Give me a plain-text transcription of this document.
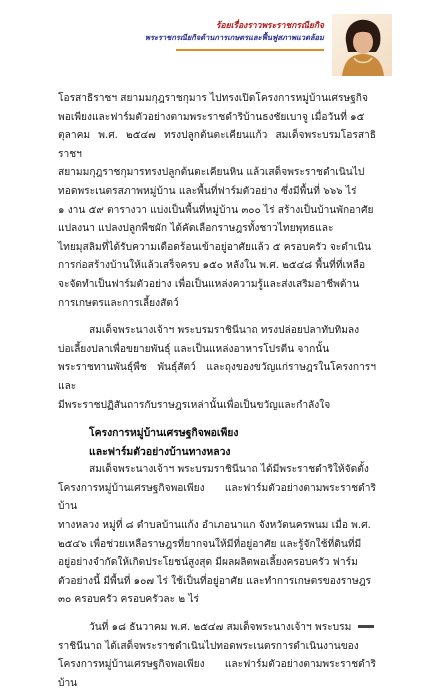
ร้อยเรื่องราวพระราชกรณียกิจ
พระราชกรณียกิจด้านการเกษตรและฟื้นฟูสภาพแวดล้อม

โอรสาธิราชฯ สยามมกุฎราชกุมาร ไปทรงเปิดโครงการหมู่บ้านเศรษฐกิจ

พอเพียงและฟาร์มตัวอย่างตามพระราชดำริบ้านธงชัยเบาจู เมื่อวันที่ ๑๕

ตุลาคม พ.ศ. ๒๕๔๗ ทรงปลูกต้นตะเคียนแก้ว สมเด็จพระบรมโอรสาธิราชฯ

สยามมกุฎราชกุมารทรงปลูกต้นตะเคียนหิน แล้วเสด็จพระราชดำเนินไป

ทอดพระเนตรสภาพหมู่บ้าน และพื้นที่ฟาร์มตัวอย่าง ซึ่งมีพื้นที่ ๖๖๖ ไร่

๑ งาน ๕๙ ตารางวา แบ่งเป็นพื้นที่หมู่บ้าน ๓๐๐ ไร่ สร้างเป็นบ้านพักอาศัย

แปลงนา แปลงปลูกพืชผัก ได้คัดเลือกราษฎรทั้งชาวไทยพุทธและ

ไทยมุสลิมที่ได้รับความเดือดร้อนเข้าอยู่อาศัยแล้ว ๕ ครอบครัว จะดำเนิน

การก่อสร้างบ้านให้แล้วเสร็จครบ ๑๕๐ หลังใน พ.ศ. ๒๕๔๘ พื้นที่ที่เหลือ

จะจัดทำเป็นฟาร์มตัวอย่าง เพื่อเป็นแหล่งความรู้และส่งเสริมอาชีพด้าน

การเกษตรและการเลี้ยงสัตว์

สมเด็จพระนางเจ้าฯ พระบรมราชินีนาถ ทรงปล่อยปลาทับทิมลง

บ่อเลี้ยงปลาเพื่อขยายพันธุ์ และเป็นแหล่งอาหารโปรตีน จากนั้น

พระราชทานพันธุ์พืช พันธุ์สัตว์ และถุงของขวัญแก่ราษฎรในโครงการฯ และ

มีพระราชปฏิสันถารกับราษฎรเหล่านั้นเพื่อเป็นขวัญและกำลังใจ

โครงการหมู่บ้านเศรษฐกิจพอเพียง
และฟาร์มตัวอย่างบ้านทางหลวง

สมเด็จพระนางเจ้าฯ พระบรมราชินีนาถ ได้มีพระราชดำริให้จัดตั้ง

โครงการหมู่บ้านเศรษฐกิจพอเพียง และฟาร์มตัวอย่างตามพระราชดำริบ้าน

ทางหลวง หมู่ที่ ๘ ตำบลบ้านแก้ง อำเภอนาแก จังหวัดนครพนม เมื่อ พ.ศ.

๒๕๔๖ เพื่อช่วยเหลือราษฎรที่ยากจนให้มีที่อยู่อาศัย และรู้จักใช้ที่ดินที่มี

อยู่อย่างจำกัดให้เกิดประโยชน์สูงสุด มีผลผลิตพอเลี้ยงครอบครัว ฟาร์ม

ตัวอย่างนี้ มีพื้นที่ ๑๐๗ ไร่ ใช้เป็นที่อยู่อาศัย และทำการเกษตรของราษฎร

๓๐ ครอบครัว ครอบครัวละ ๒ ไร่

วันที่ ๑๘ ธันวาคม พ.ศ. ๒๕๔๗ สมเด็จพระนางเจ้าฯ พระบรม

ราชินีนาถ ได้เสด็จพระราชดำเนินไปทอดพระเนตรการดำเนินงานของ

โครงการหมู่บ้านเศรษฐกิจพอเพียง และฟาร์มตัวอย่างตามพระราชดำริบ้าน
